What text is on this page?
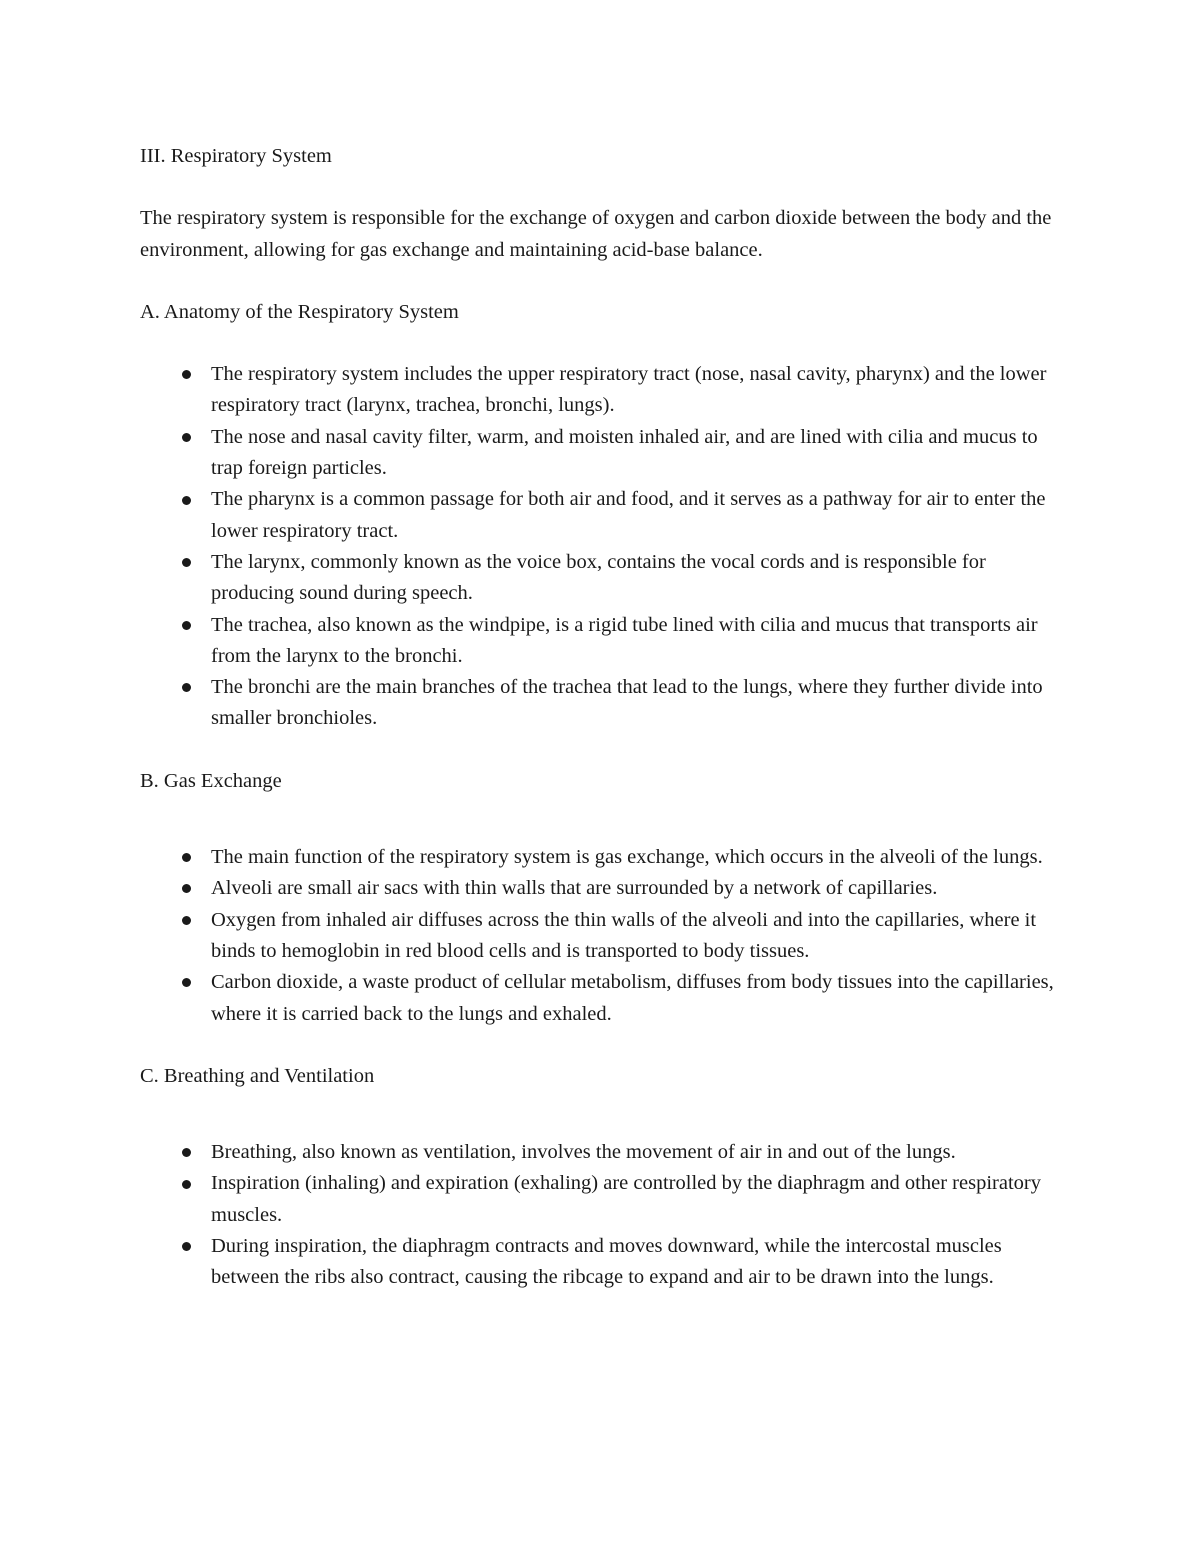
III. Respiratory System

The respiratory system is responsible for the exchange of oxygen and carbon dioxide between the body and the environment, allowing for gas exchange and maintaining acid-base balance.

A. Anatomy of the Respiratory System

The respiratory system includes the upper respiratory tract (nose, nasal cavity, pharynx) and the lower respiratory tract (larynx, trachea, bronchi, lungs).
The nose and nasal cavity filter, warm, and moisten inhaled air, and are lined with cilia and mucus to trap foreign particles.
The pharynx is a common passage for both air and food, and it serves as a pathway for air to enter the lower respiratory tract.
The larynx, commonly known as the voice box, contains the vocal cords and is responsible for producing sound during speech.
The trachea, also known as the windpipe, is a rigid tube lined with cilia and mucus that transports air from the larynx to the bronchi.
The bronchi are the main branches of the trachea that lead to the lungs, where they further divide into smaller bronchioles.

B. Gas Exchange

The main function of the respiratory system is gas exchange, which occurs in the alveoli of the lungs.
Alveoli are small air sacs with thin walls that are surrounded by a network of capillaries.
Oxygen from inhaled air diffuses across the thin walls of the alveoli and into the capillaries, where it binds to hemoglobin in red blood cells and is transported to body tissues.
Carbon dioxide, a waste product of cellular metabolism, diffuses from body tissues into the capillaries, where it is carried back to the lungs and exhaled.

C. Breathing and Ventilation

Breathing, also known as ventilation, involves the movement of air in and out of the lungs.
Inspiration (inhaling) and expiration (exhaling) are controlled by the diaphragm and other respiratory muscles.
During inspiration, the diaphragm contracts and moves downward, while the intercostal muscles between the ribs also contract, causing the ribcage to expand and air to be drawn into the lungs.
